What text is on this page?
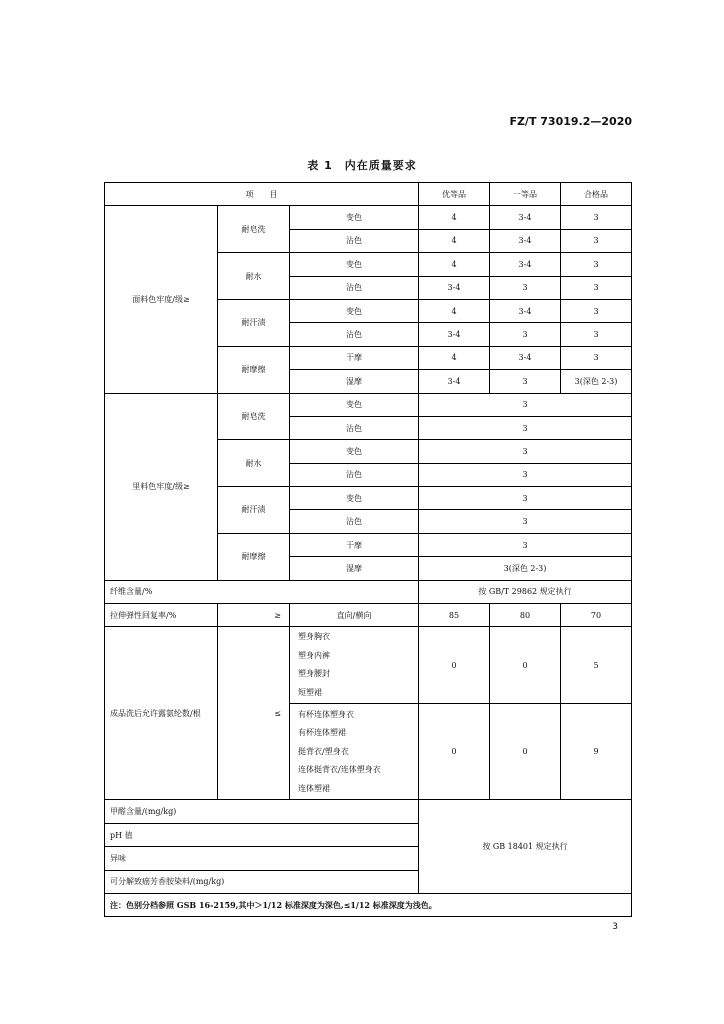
FZ/T 73019.2—2020
表 1　内在质量要求
项　　目			优等品	一等品	合格品
面料色牢度/级≥	耐皂洗	变色	4	3-4	3
		沾色	4	3-4	3
	耐水	变色	4	3-4	3
		沾色	3-4	3	3
	耐汗渍	变色	4	3-4	3
		沾色	3-4	3	3
	耐摩擦	干摩	4	3-4	3
		湿摩	3-4	3	3(深色 2-3)
里料色牢度/级≥	耐皂洗	变色	3		
		沾色	3		
	耐水	变色	3		
		沾色	3		
	耐汗渍	变色	3		
		沾色	3		
	耐摩擦	干摩	3		
		湿摩	3(深色 2-3)		
纤维含量/%			按 GB/T 29862 规定执行		
拉伸弹性回复率/%	≥	直向/横向	85	80	70
成品洗后允许露氨纶数/根	≤	塑身胸衣
塑身内裤
塑身腰封
短塑裙	0	0	5

		有杯连体塑身衣
有杯连体塑裙
挺背衣/塑身衣
连体挺背衣/连体塑身衣
连体塑裙	0	0	9
甲醛含量/(mg/kg)			按 GB 18401 规定执行		
pH 值					
异味					
可分解致癌芳香胺染料/(mg/kg)					
注：色别分档参照 GSB 16-2159,其中＞1/12 标准深度为深色,≤1/12 标准深度为浅色。					
3
